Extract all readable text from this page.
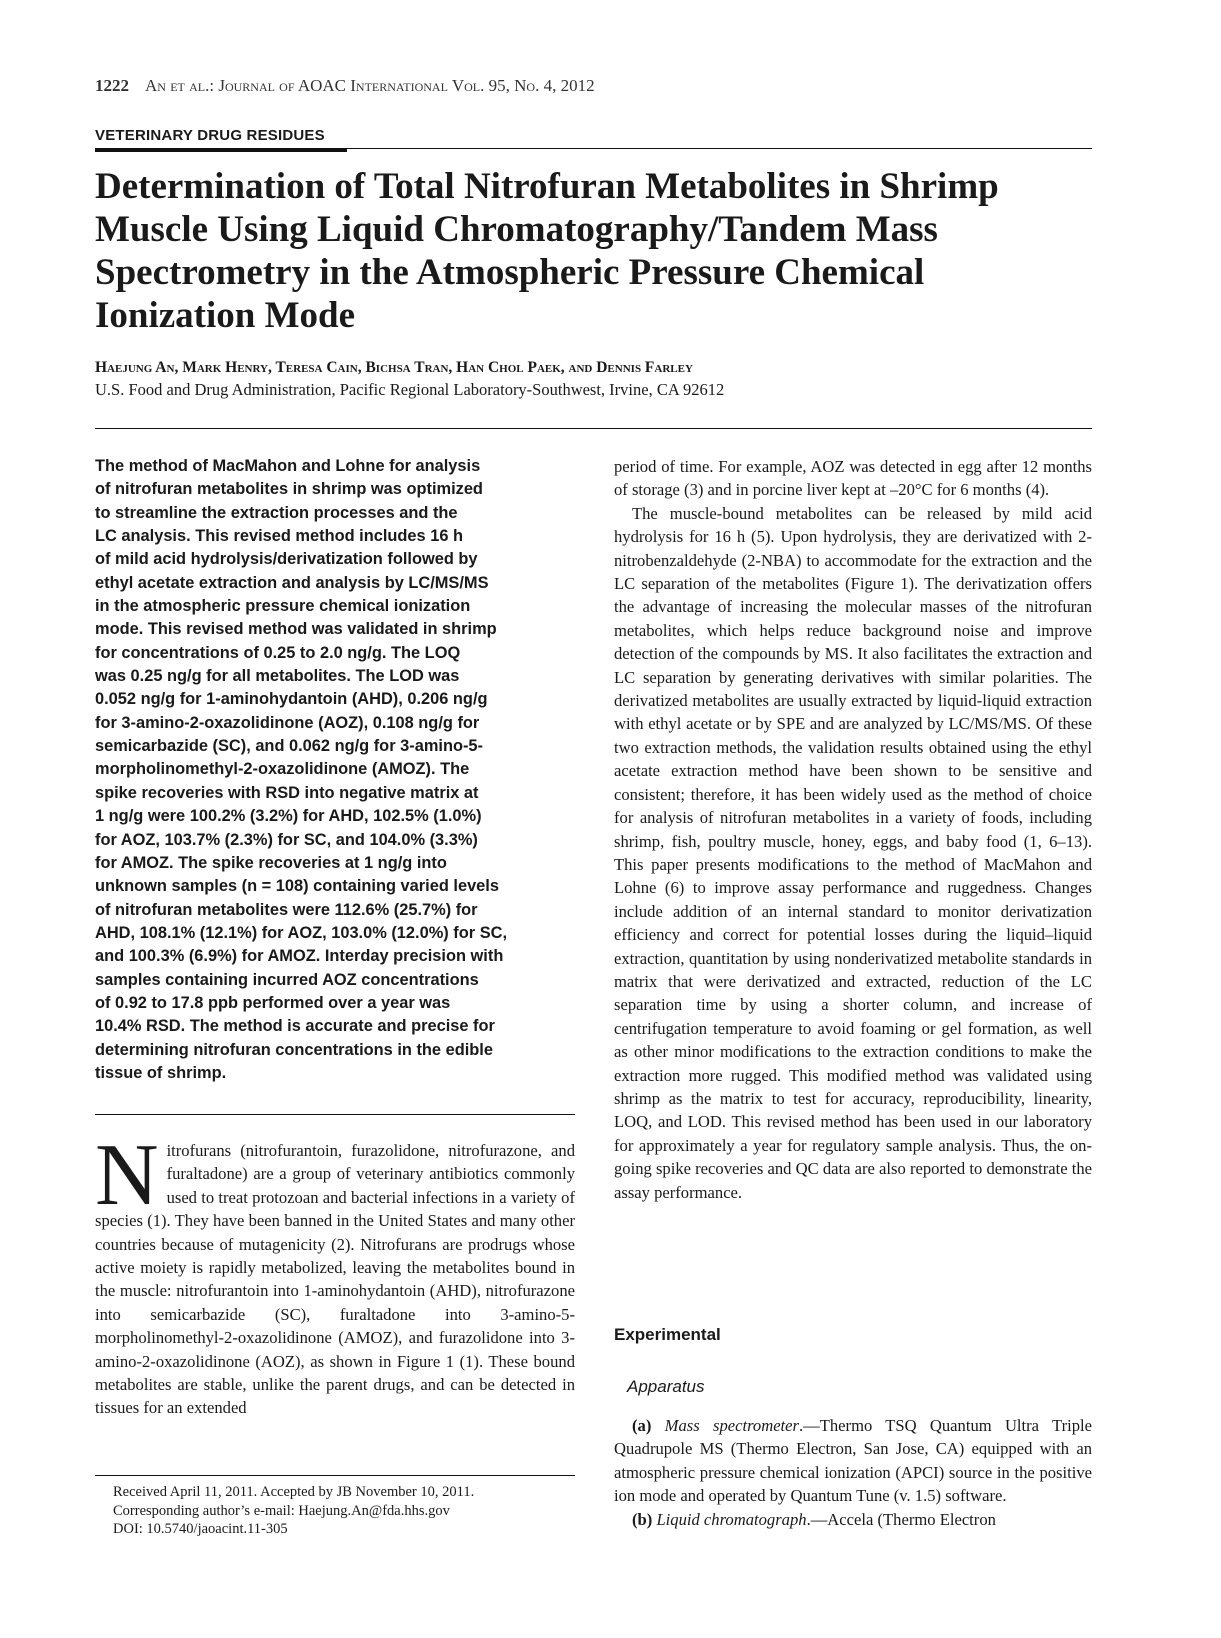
1222 An et al.: Journal of AOAC International Vol. 95, No. 4, 2012
VETERINARY DRUG RESIDUES
Determination of Total Nitrofuran Metabolites in Shrimp
Muscle Using Liquid Chromatography/Tandem Mass
Spectrometry in the Atmospheric Pressure Chemical
Ionization Mode
Haejung An, Mark Henry, Teresa Cain, Bichsa Tran, Han Chol Paek, and Dennis Farley
U.S. Food and Drug Administration, Pacific Regional Laboratory-Southwest, Irvine, CA 92612
The method of MacMahon and Lohne for analysis
of nitrofuran metabolites in shrimp was optimized
to streamline the extraction processes and the
LC analysis. This revised method includes 16 h
of mild acid hydrolysis/derivatization followed by
ethyl acetate extraction and analysis by LC/MS/MS
in the atmospheric pressure chemical ionization
mode. This revised method was validated in shrimp
for concentrations of 0.25 to 2.0 ng/g. The LOQ
was 0.25 ng/g for all metabolites. The LOD was
0.052 ng/g for 1-aminohydantoin (AHD), 0.206 ng/g
for 3-amino-2-oxazolidinone (AOZ), 0.108 ng/g for
semicarbazide (SC), and 0.062 ng/g for 3-amino-5-
morpholinomethyl-2-oxazolidinone (AMOZ). The
spike recoveries with RSD into negative matrix at
1 ng/g were 100.2% (3.2%) for AHD, 102.5% (1.0%)
for AOZ, 103.7% (2.3%) for SC, and 104.0% (3.3%)
for AMOZ. The spike recoveries at 1 ng/g into
unknown samples (n = 108) containing varied levels
of nitrofuran metabolites were 112.6% (25.7%) for
AHD, 108.1% (12.1%) for AOZ, 103.0% (12.0%) for SC,
and 100.3% (6.9%) for AMOZ. Interday precision with
samples containing incurred AOZ concentrations
of 0.92 to 17.8 ppb performed over a year was
10.4% RSD. The method is accurate and precise for
determining nitrofuran concentrations in the edible
tissue of shrimp.

Nitrofurans (nitrofurantoin, furazolidone, nitrofurazone, and furaltadone) are a group of veterinary antibiotics commonly used to treat protozoan and bacterial infections in a variety of species (1). They have been banned in the United States and many other countries because of mutagenicity (2). Nitrofurans are prodrugs whose active moiety is rapidly metabolized, leaving the metabolites bound in the muscle: nitrofurantoin into 1-aminohydantoin (AHD), nitrofurazone into semicarbazide (SC), furaltadone into 3-amino-5-morpholinomethyl-2-oxazolidinone (AMOZ), and furazolidone into 3-amino-2-oxazolidinone (AOZ), as shown in Figure 1 (1). These bound metabolites are stable, unlike the parent drugs, and can be detected in tissues for an extended

Received April 11, 2011. Accepted by JB November 10, 2011.
Corresponding author’s e-mail: Haejung.An@fda.hhs.gov
DOI: 10.5740/jaoacint.11-305

period of time. For example, AOZ was detected in egg after 12 months of storage (3) and in porcine liver kept at –20°C for 6 months (4).

The muscle-bound metabolites can be released by mild acid hydrolysis for 16 h (5). Upon hydrolysis, they are derivatized with 2-nitrobenzaldehyde (2-NBA) to accommodate for the extraction and the LC separation of the metabolites (Figure 1). The derivatization offers the advantage of increasing the molecular masses of the nitrofuran metabolites, which helps reduce background noise and improve detection of the compounds by MS. It also facilitates the extraction and LC separation by generating derivatives with similar polarities. The derivatized metabolites are usually extracted by liquid-liquid extraction with ethyl acetate or by SPE and are analyzed by LC/MS/MS. Of these two extraction methods, the validation results obtained using the ethyl acetate extraction method have been shown to be sensitive and consistent; therefore, it has been widely used as the method of choice for analysis of nitrofuran metabolites in a variety of foods, including shrimp, fish, poultry muscle, honey, eggs, and baby food (1, 6–13). This paper presents modifications to the method of MacMahon and Lohne (6) to improve assay performance and ruggedness. Changes include addition of an internal standard to monitor derivatization efficiency and correct for potential losses during the liquid–liquid extraction, quantitation by using nonderivatized metabolite standards in matrix that were derivatized and extracted, reduction of the LC separation time by using a shorter column, and increase of centrifugation temperature to avoid foaming or gel formation, as well as other minor modifications to the extraction conditions to make the extraction more rugged. This modified method was validated using shrimp as the matrix to test for accuracy, reproducibility, linearity, LOQ, and LOD. This revised method has been used in our laboratory for approximately a year for regulatory sample analysis. Thus, the on-going spike recoveries and QC data are also reported to demonstrate the assay performance.

Experimental
Apparatus

(a) Mass spectrometer.—Thermo TSQ Quantum Ultra Triple Quadrupole MS (Thermo Electron, San Jose, CA) equipped with an atmospheric pressure chemical ionization (APCI) source in the positive ion mode and operated by Quantum Tune (v. 1.5) software.

(b) Liquid chromatograph.—Accela (Thermo Electron
